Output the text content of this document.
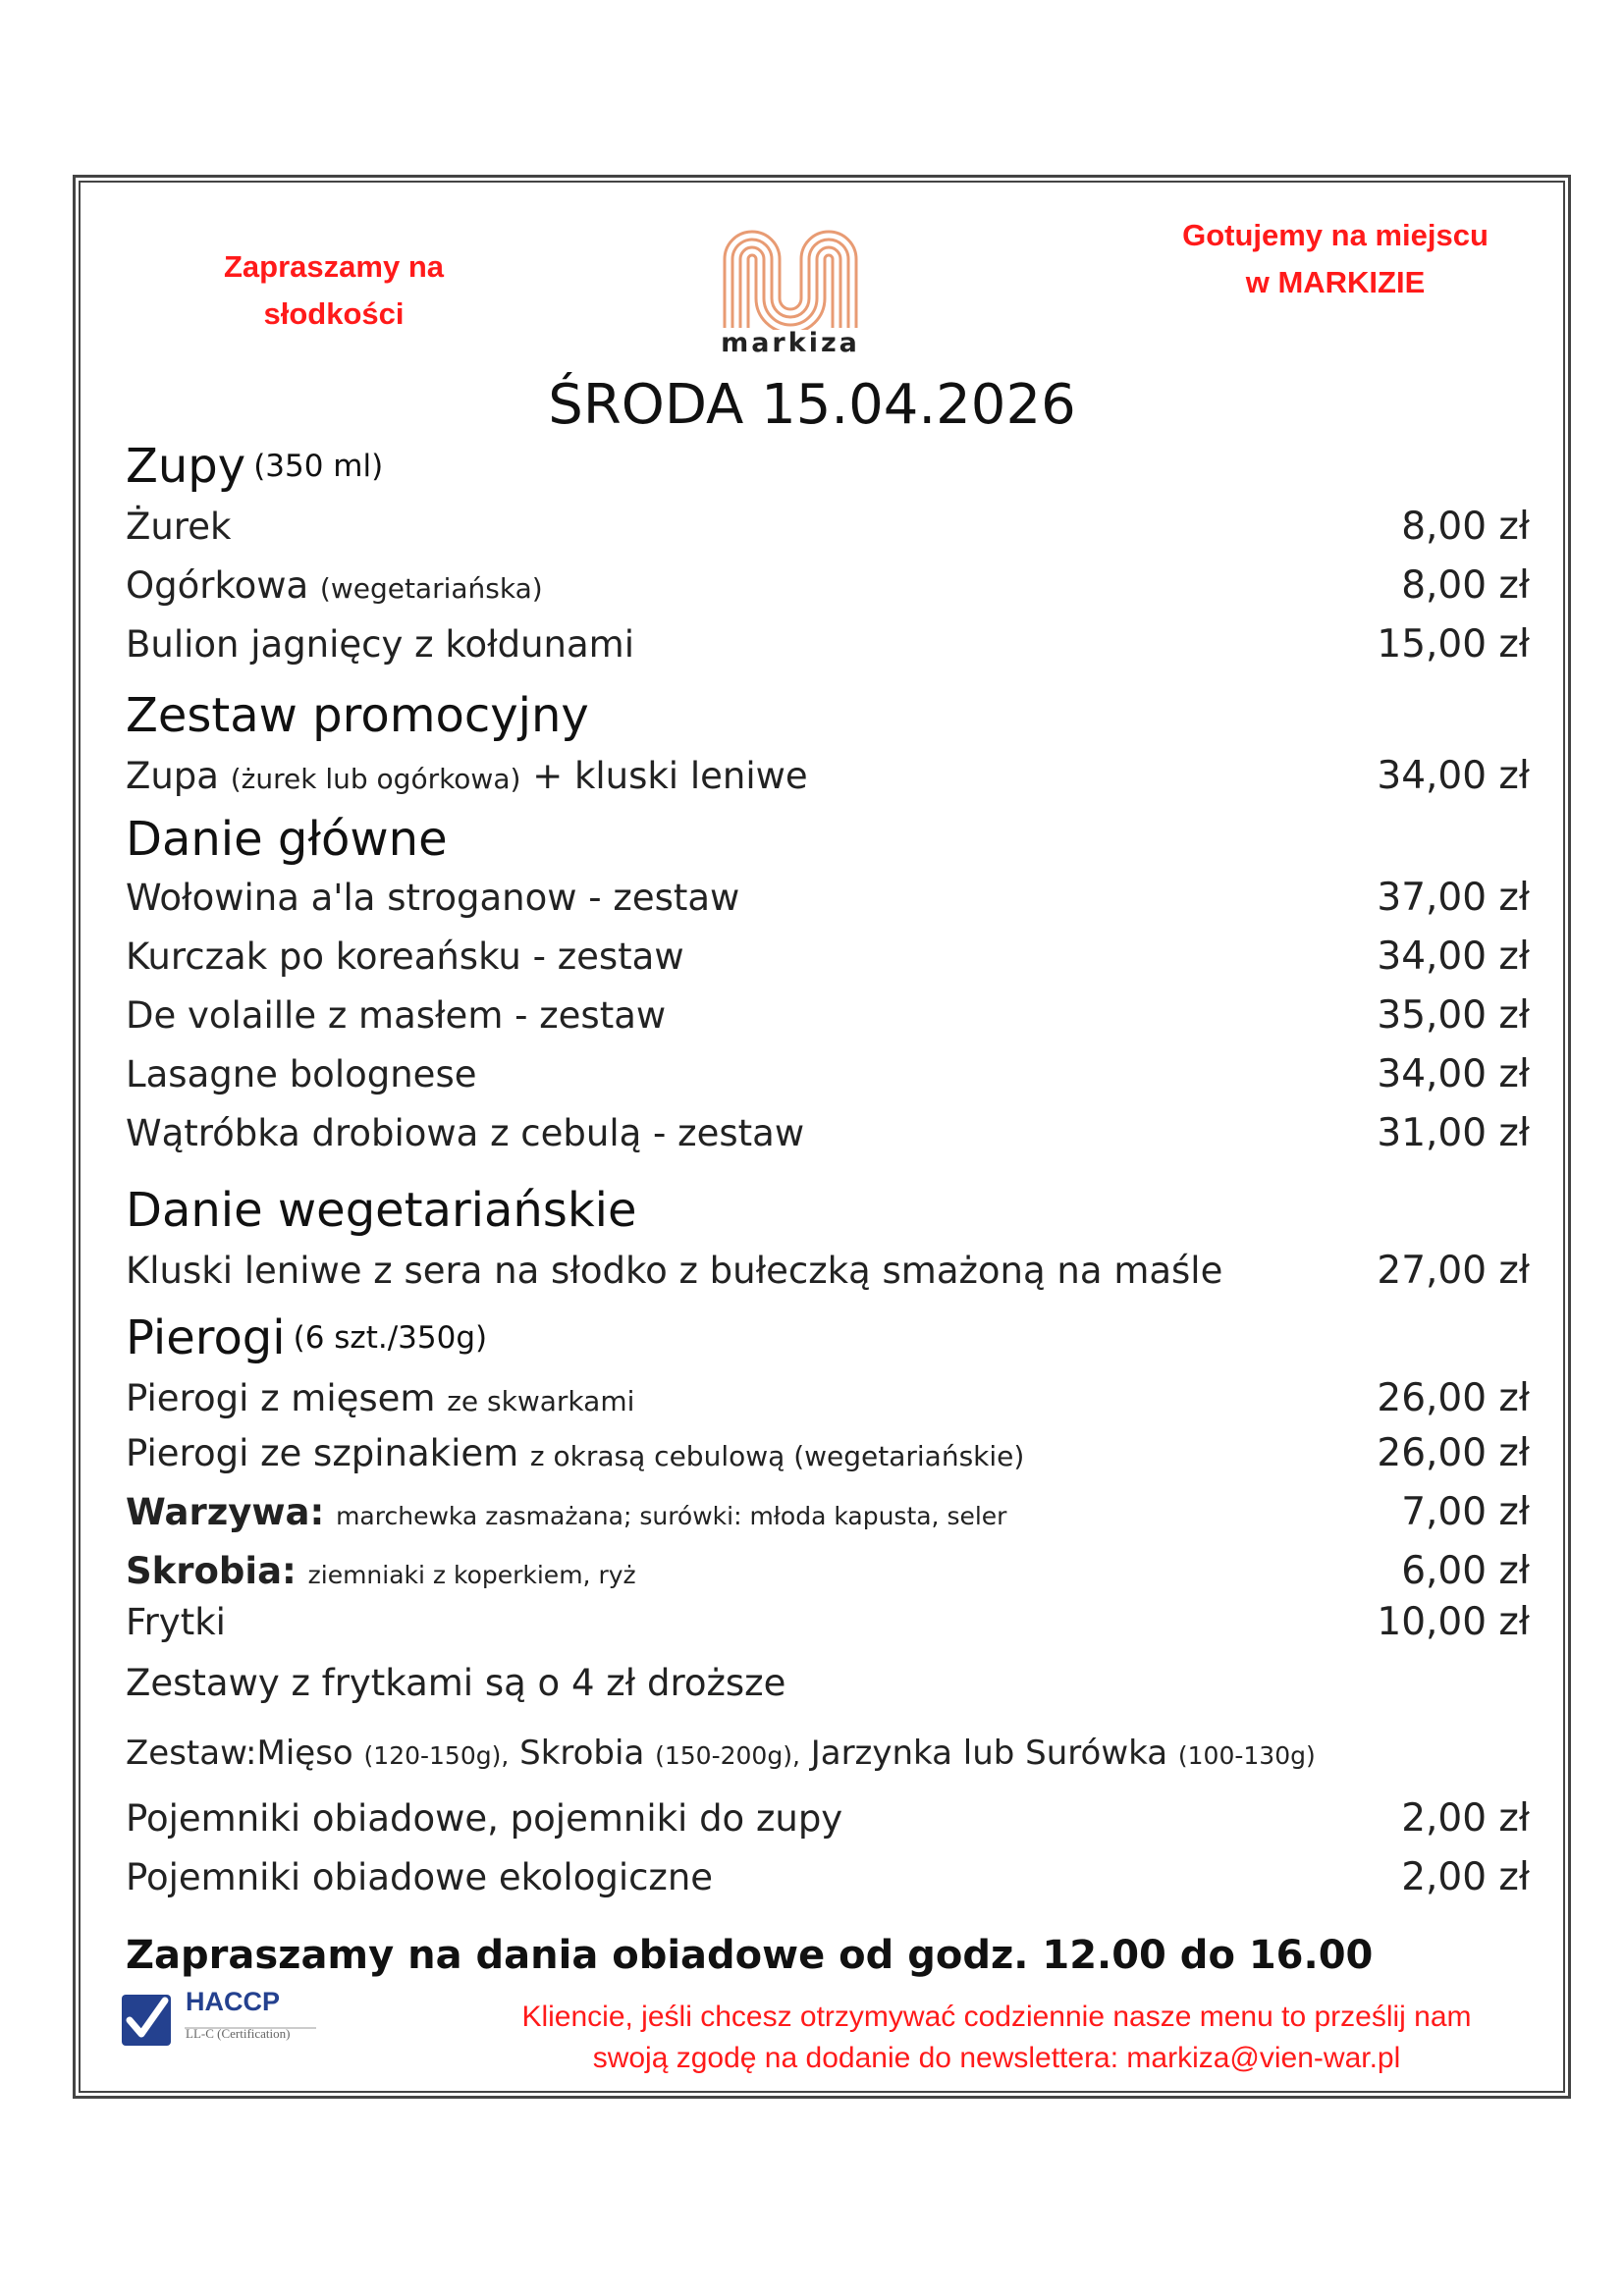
Zapraszamy na
słodkości
Gotujemy na miejscu
w MARKIZIE
markiza
ŚRODA 15.04.2026
Zupy (350 ml)
Żurek	8,00 zł
Ogórkowa (wegetariańska)	8,00 zł
Bulion jagnięcy z kołdunami	15,00 zł
Zestaw promocyjny
Zupa (żurek lub ogórkowa) + kluski leniwe	34,00 zł
Danie główne
Wołowina a'la stroganow - zestaw	37,00 zł
Kurczak po koreańsku - zestaw	34,00 zł
De volaille z masłem - zestaw	35,00 zł
Lasagne bolognese	34,00 zł
Wątróbka drobiowa z cebulą - zestaw	31,00 zł
Danie wegetariańskie
Kluski leniwe z sera na słodko z bułeczką smażoną na maśle	27,00 zł
Pierogi (6 szt./350g)
Pierogi z mięsem ze skwarkami	26,00 zł
Pierogi ze szpinakiem z okrasą cebulową (wegetariańskie)	26,00 zł
Warzywa: marchewka zasmażana; surówki: młoda kapusta, seler	7,00 zł
Skrobia: ziemniaki z koperkiem, ryż	6,00 zł
Frytki	10,00 zł
Zestawy z frytkami są o 4 zł droższe
Zestaw:Mięso (120-150g), Skrobia (150-200g), Jarzynka lub Surówka (100-130g)
Pojemniki obiadowe, pojemniki do zupy	2,00 zł
Pojemniki obiadowe ekologiczne	2,00 zł
Zapraszamy na dania obiadowe od godz. 12.00 do 16.00
HACCP
LL-C (Certification)
Kliencie, jeśli chcesz otrzymywać codziennie nasze menu to prześlij nam
swoją zgodę na dodanie do newslettera: markiza@vien-war.pl
